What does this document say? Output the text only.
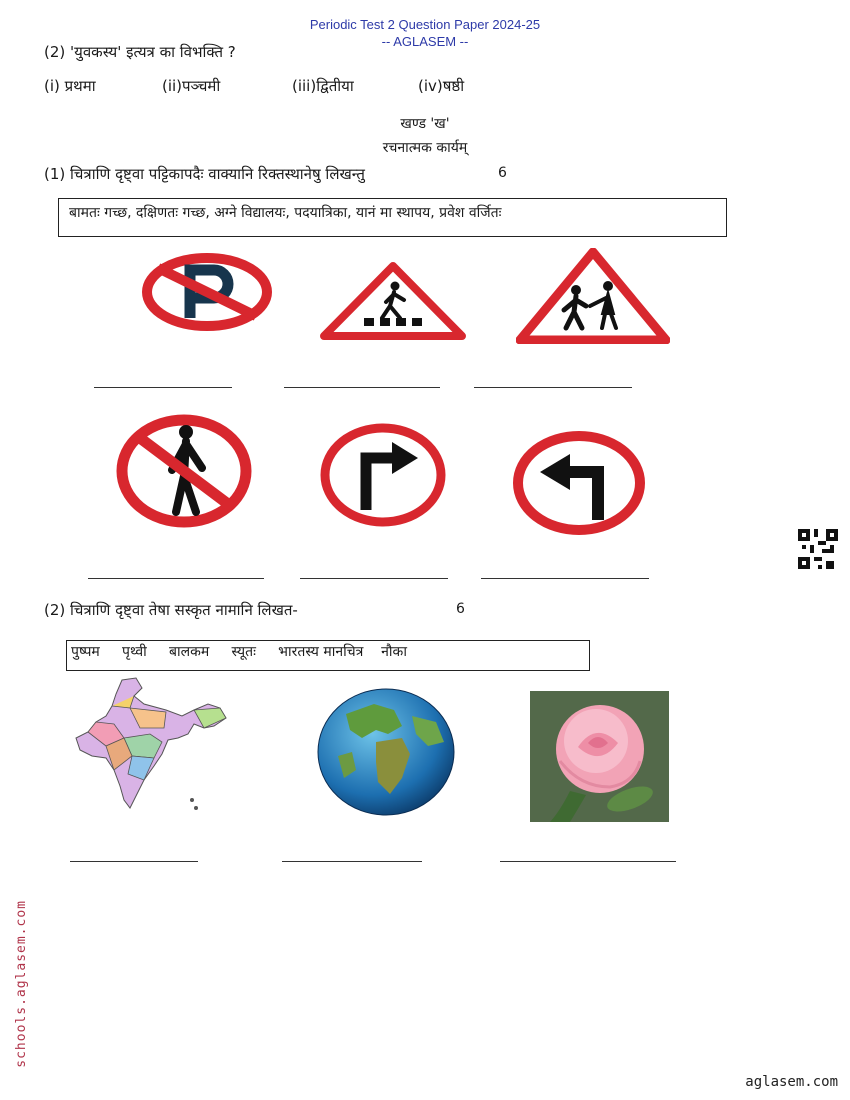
Periodic Test 2 Question Paper 2024-25
-- AGLASEM --
(2) 'युवकस्य' इत्यत्र का विभक्ति ?
(i) प्रथमा	(ii)पञ्चमी	(iii)द्वितीया	(iv)षष्ठी
खण्ड 'ख'
रचनात्मक कार्यम्
(1) चित्राणि दृष्ट्वा पट्टिकापदैः वाक्यानि रिक्तस्थानेषु लिखन्तु	6
बामतः गच्छ, दक्षिणतः गच्छ, अग्ने विद्यालयः, पदयात्रिका, यानं मा स्थापय, प्रवेश वर्जितः
(2) चित्राणि दृष्ट्वा तेषा सस्कृत नामानि लिखत-	6
पुष्पम     पृथ्वी     बालकम     स्यूतः     भारतस्य मानचित्र    नौका
schools.aglasem.com
aglasem.com
